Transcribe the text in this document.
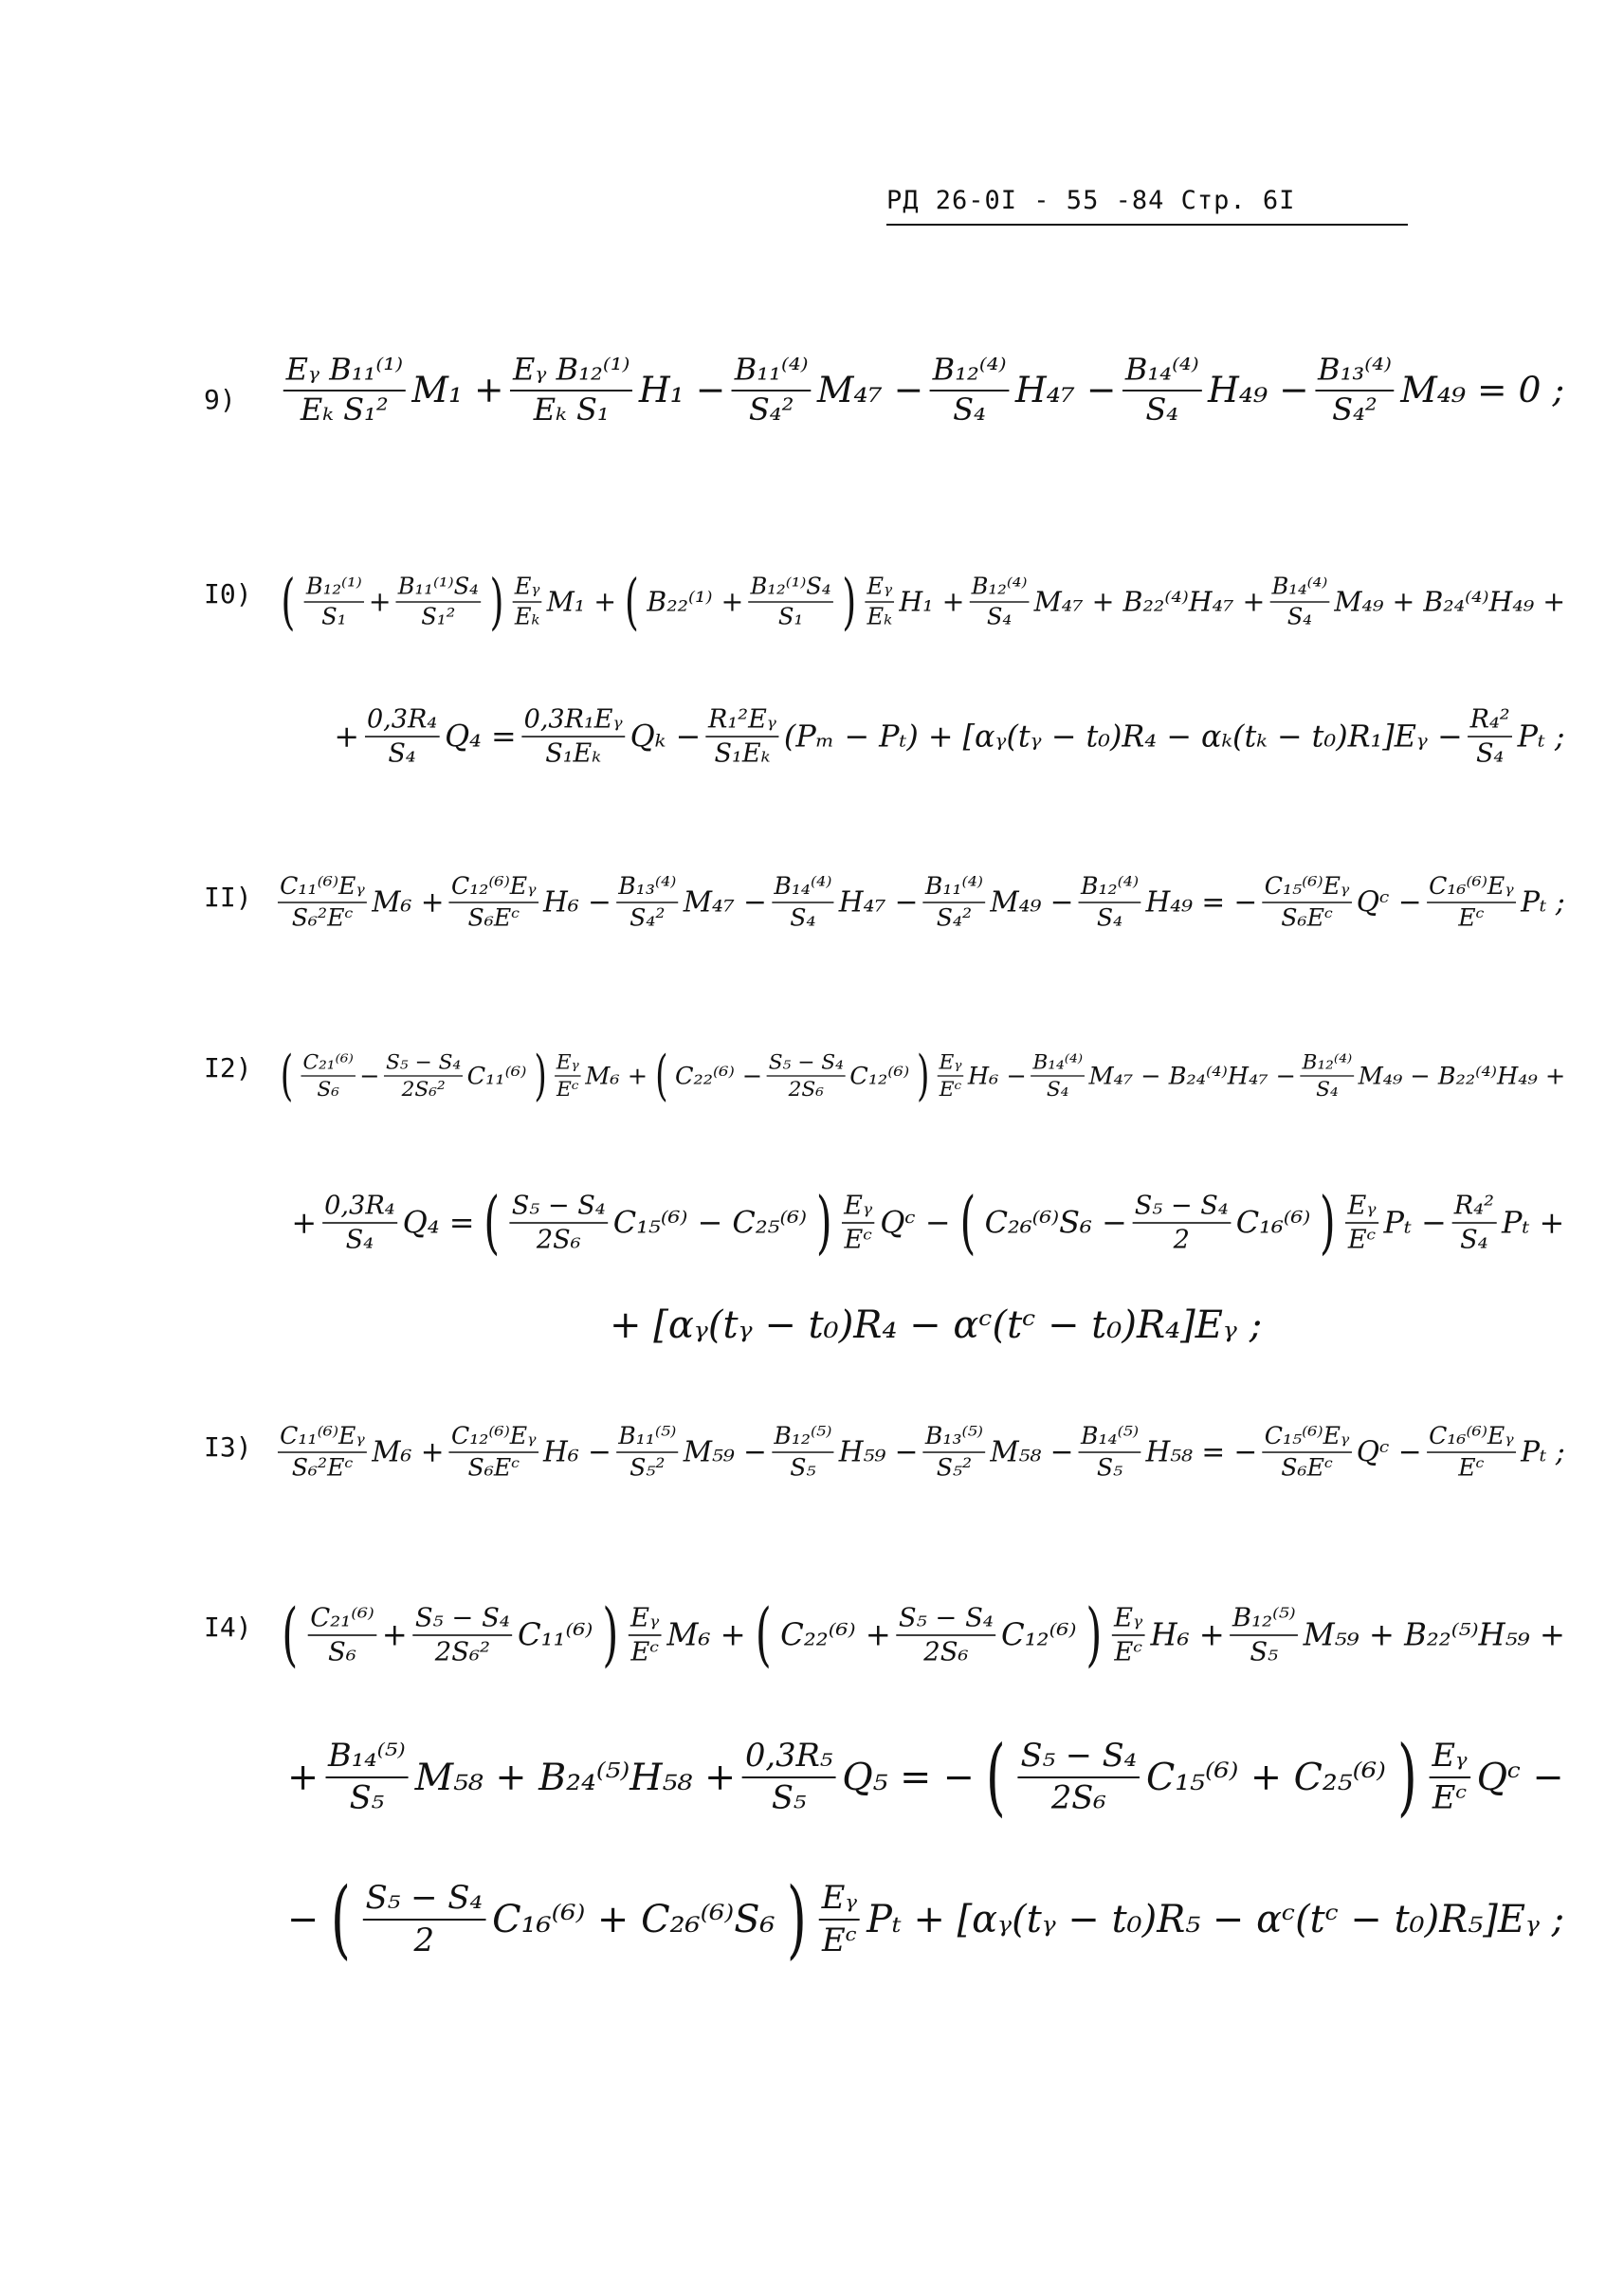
РД 26-0I - 55 -84 Стр. 6I
$9) \frac{\text{Eᵧ B₁₁⁽¹⁾}}{\text{Eₖ S₁²}} M_1 + \frac{\text{Eᵧ B₁₂⁽¹⁾}}{\text{Eₖ S₁}} H_1 - \frac{\text{B₁₁⁽⁴⁾}}{\text{S₄²}} M_{47} - \frac{\text{B₁₂⁽⁴⁾}}{\text{S₄}} H_{47} - \frac{\text{B₁₄⁽⁴⁾}}{\text{S₄}} H_{49} - \frac{\text{B₁₃⁽⁴⁾}}{\text{S₄²}} M_{49} = 0$ ;
I0) ( $\frac{\text{B₁₂⁽¹⁾}}{\text{S₁}} + \frac{\text{B₁₁⁽¹⁾S₄}}{\text{S₁²}}$ ) $\frac{\text{Eᵧ}}{\text{Eₖ}} M_1$ + ( $B_{22}^{(1)} + \frac{\text{B₁₂⁽¹⁾S₄}}{\text{S₁}}$ ) $\frac{\text{Eᵧ}}{\text{Eₖ}} H_1 + \frac{\text{B₁₂⁽⁴⁾}}{\text{S₄}} M_{47} + B_{22}^{(4)}H_{47} + \frac{\text{B₁₄⁽⁴⁾}}{\text{S₄}} M_{49} + B_{24}^{(4)}H_{49}$ +
+ $\frac{\text{0,3R₄}}{\text{S₄}} Q_4 = \frac{\text{0,3R₁Eᵧ}}{\text{S₁Eₖ}}$ $Q_k - \frac{\text{R₁²Eᵧ}}{\text{S₁Eₖ}} (P_m - P_t)$ + [αᵧ(tᵧ − t₀)R₄ − αₖ(tₖ − t₀)R₁]Eᵧ − $\frac{\text{R₄²}}{\text{S₄}}$ Pₜ ;
$II) \frac{\text{C₁₁⁽⁶⁾Eᵧ}}{\text{S₆²Eᶜ}} M_6 + \frac{\text{C₁₂⁽⁶⁾Eᵧ}}{\text{S₆Eᶜ}} H_6 - \frac{\text{B₁₃⁽⁴⁾}}{\text{S₄²}} M_{47} - \frac{\text{B₁₄⁽⁴⁾}}{\text{S₄}} H_{47} - \frac{\text{B₁₁⁽⁴⁾}}{\text{S₄²}} M_{49} - \frac{\text{B₁₂⁽⁴⁾}}{\text{S₄}} H_{49}$ = − $\frac{\text{C₁₅⁽⁶⁾Eᵧ}}{\text{S₆Eᶜ}}$ Qᶜ − $\frac{\text{C₁₆⁽⁶⁾Eᵧ}}{\text{Eᶜ}}$ Pₜ ;
I2) ( $\frac{\text{C₂₁⁽⁶⁾}}{\text{S₆}} - \frac{\text{S₅ − S₄}}{\text{2S₆²}} C_{11}^{(6)}$ ) $\frac{\text{Eᵧ}}{\text{Eᶜ}} M_6$ + ( $C_{22}^{(6)} - \frac{\text{S₅ − S₄}}{\text{2S₆}} C_{12}^{(6)}$ ) $\frac{\text{Eᵧ}}{\text{Eᶜ}} H_6 - \frac{\text{B₁₄⁽⁴⁾}}{\text{S₄}} M_{47} - B_{24}^{(4)}H_{47} - \frac{\text{B₁₂⁽⁴⁾}}{\text{S₄}} M_{49} - B_{22}^{(4)}H_{49}$ +
+ $\frac{\text{0,3R₄}}{\text{S₄}} Q_4$ = ( $\frac{\text{S₅ − S₄}}{\text{2S₆}} C_{15}^{(6)} - C_{25}^{(6)}$ ) $\frac{\text{Eᵧ}}{\text{Eᶜ}}$ Qᶜ − ( $C_{26}^{(6)}S_6 - \frac{\text{S₅ − S₄}}{2} C_{16}^{(6)}$ ) $\frac{\text{Eᵧ}}{\text{Eᶜ}}$ $P_t - \frac{\text{R₄²}}{\text{S₄}}$ Pₜ +
+ [αᵧ(tᵧ − t₀)R₄ − αᶜ(tᶜ − t₀)R₄]Eᵧ ;
$I3) \frac{\text{C₁₁⁽⁶⁾Eᵧ}}{\text{S₆²Eᶜ}} M_6 + \frac{\text{C₁₂⁽⁶⁾Eᵧ}}{\text{S₆Eᶜ}} H_6 - \frac{\text{B₁₁⁽⁵⁾}}{\text{S₅²}} M_{59} - \frac{\text{B₁₂⁽⁵⁾}}{\text{S₅}} H_{59} - \frac{\text{B₁₃⁽⁵⁾}}{\text{S₅²}} M_{58} - \frac{\text{B₁₄⁽⁵⁾}}{\text{S₅}} H_{58}$ = − $\frac{\text{C₁₅⁽⁶⁾Eᵧ}}{\text{S₆Eᶜ}}$ Qᶜ − $\frac{\text{C₁₆⁽⁶⁾Eᵧ}}{\text{Eᶜ}}$ Pₜ ;
I4) ( $\frac{\text{C₂₁⁽⁶⁾}}{\text{S₆}} + \frac{\text{S₅ − S₄}}{\text{2S₆²}} C_{11}^{(6)}$ ) $\frac{\text{Eᵧ}}{\text{Eᶜ}} M_6$ + ( $C_{22}^{(6)} + \frac{\text{S₅ − S₄}}{\text{2S₆}} C_{12}^{(6)}$ ) $\frac{\text{Eᵧ}}{\text{Eᶜ}} H_6 + \frac{\text{B₁₂⁽⁵⁾}}{\text{S₅}} M_{59} + B_{22}^{(5)}H_{59}$ +
+ $\frac{\text{B₁₄⁽⁵⁾}}{\text{S₅}} M_{58} + B_{24}^{(5)}H_{58} + \frac{\text{0,3R₅}}{\text{S₅}} Q_5$ = − ( $\frac{\text{S₅ − S₄}}{\text{2S₆}} C_{15}^{(6)} + C_{25}^{(6)}$ ) $\frac{\text{Eᵧ}}{\text{Eᶜ}}$ Qᶜ −
− ( $\frac{\text{S₅ − S₄}}{2} C_{16}^{(6)} + C_{26}^{(6)}S_6$ ) $\frac{\text{Eᵧ}}{\text{Eᶜ}}$ Pₜ + [αᵧ(tᵧ − t₀)R₅ − αᶜ(tᶜ − t₀)R₅]Eᵧ ;
